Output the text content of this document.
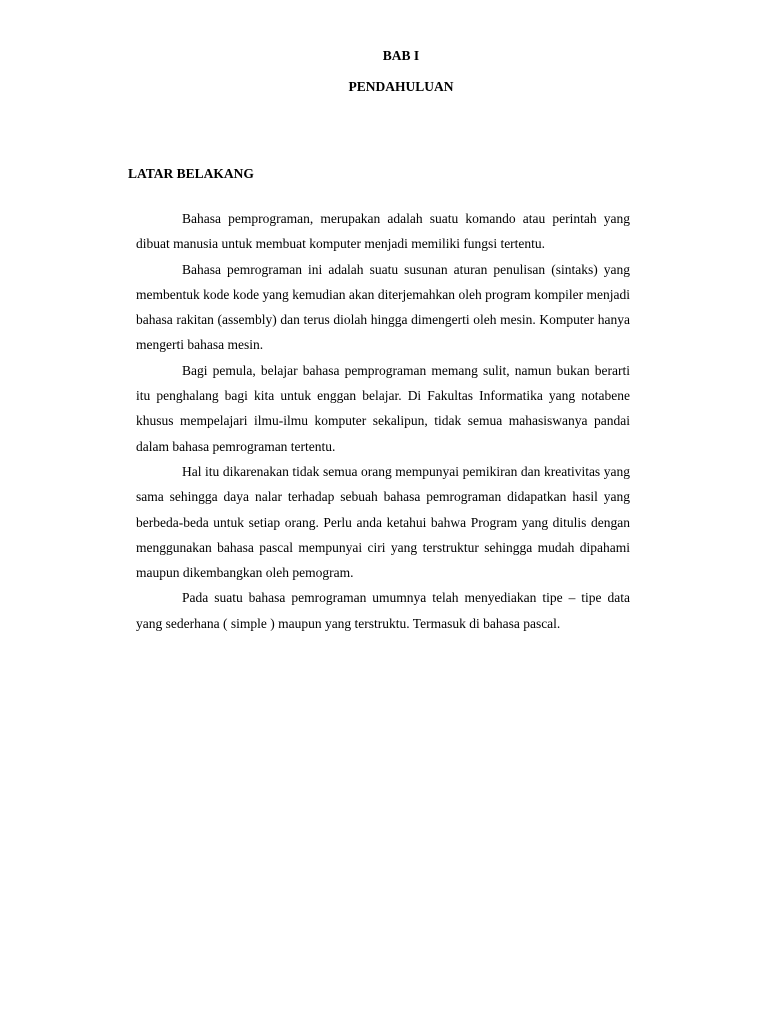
BAB I
PENDAHULUAN
LATAR BELAKANG

Bahasa pemprograman, merupakan adalah suatu komando atau perintah yang dibuat manusia untuk membuat komputer menjadi memiliki fungsi tertentu.

Bahasa pemrograman ini adalah suatu susunan aturan penulisan (sintaks) yang membentuk kode kode yang kemudian akan diterjemahkan oleh program kompiler menjadi bahasa rakitan (assembly) dan terus diolah hingga dimengerti oleh mesin. Komputer hanya mengerti bahasa mesin.

Bagi pemula, belajar bahasa pemprograman memang sulit, namun bukan berarti itu penghalang bagi kita untuk enggan belajar. Di Fakultas Informatika yang notabene khusus mempelajari ilmu-ilmu komputer sekalipun, tidak semua mahasiswanya pandai dalam bahasa pemrograman tertentu.

Hal itu dikarenakan tidak semua orang mempunyai pemikiran dan kreativitas yang sama sehingga daya nalar terhadap sebuah bahasa pemrograman didapatkan hasil yang berbeda-beda untuk setiap orang. Perlu anda ketahui bahwa Program yang ditulis dengan menggunakan bahasa pascal mempunyai ciri yang terstruktur sehingga mudah dipahami maupun dikembangkan oleh pemogram.

Pada suatu bahasa pemrograman umumnya telah menyediakan tipe – tipe data yang sederhana ( simple ) maupun yang terstruktu. Termasuk di bahasa pascal.
